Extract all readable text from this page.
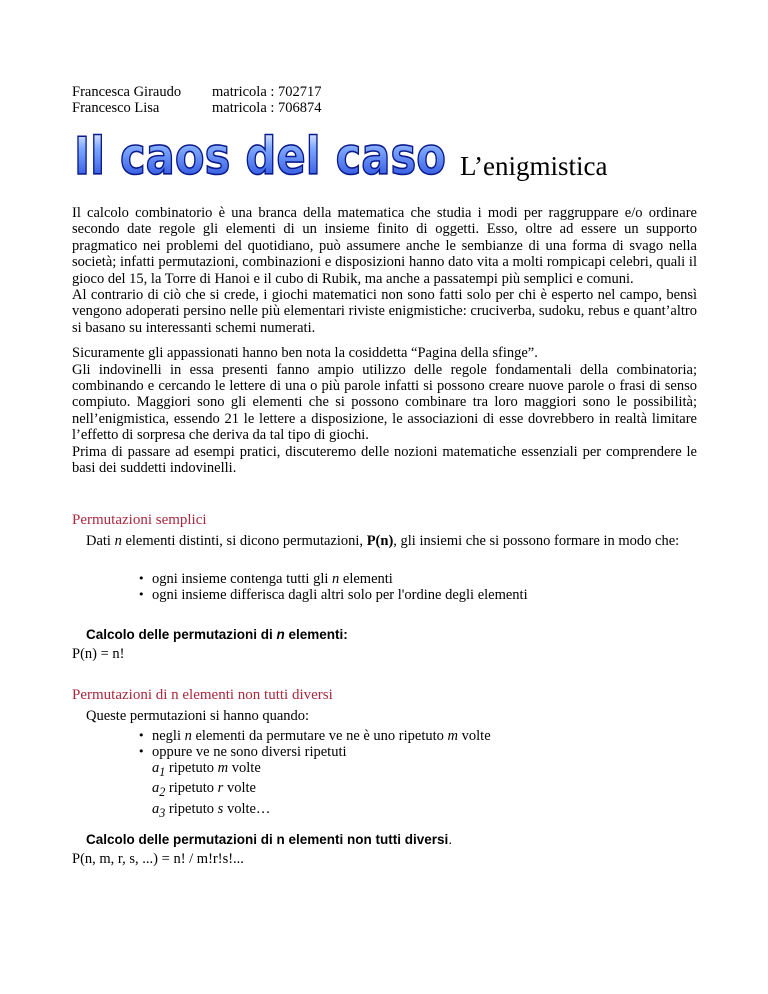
Francesca Giraudo	matricola : 702717
Francesco Lisa	matricola : 706874
Il caos del caso L’enigmistica

Il calcolo combinatorio è una branca della matematica che studia i modi per raggruppare e/o ordinare secondo date regole gli elementi di un insieme finito di oggetti. Esso, oltre ad essere un supporto pragmatico nei problemi del quotidiano, può assumere anche le sembianze di una forma di svago nella società; infatti permutazioni, combinazioni e disposizioni hanno dato vita a molti rompicapi celebri, quali il gioco del 15, la Torre di Hanoi e il cubo di Rubik, ma anche a passatempi più semplici e comuni.

Al contrario di ciò che si crede, i giochi matematici non sono fatti solo per chi è esperto nel campo, bensì vengono adoperati persino nelle più elementari riviste enigmistiche: cruciverba, sudoku, rebus e quant’altro si basano su interessanti schemi numerati.

Sicuramente gli appassionati hanno ben nota la cosiddetta “Pagina della sfinge”.

Gli indovinelli in essa presenti fanno ampio utilizzo delle regole fondamentali della combinatoria; combinando e cercando le lettere di una o più parole infatti si possono creare nuove parole o frasi di senso compiuto. Maggiori sono gli elementi che si possono combinare tra loro maggiori sono le possibilità; nell’enigmistica, essendo 21 le lettere a disposizione, le associazioni di esse dovrebbero in realtà limitare l’effetto di sorpresa che deriva da tal tipo di giochi.

Prima di passare ad esempi pratici, discuteremo delle nozioni matematiche essenziali per comprendere le basi dei suddetti indovinelli.

Permutazioni semplici
Dati n elementi distinti, si dicono permutazioni, P(n), gli insiemi che si possono formare in modo che:
• ogni insieme contenga tutti gli n elementi
• ogni insieme differisca dagli altri solo per l'ordine degli elementi
Calcolo delle permutazioni di n elementi:
P(n) = n!
Permutazioni di n elementi non tutti diversi
Queste permutazioni si hanno quando:
• negli n elementi da permutare ve ne è uno ripetuto m volte
• oppure ve ne sono diversi ripetuti
$a_1$ ripetuto m volte
$a_2$ ripetuto r volte
$a_3$ ripetuto s volte…
Calcolo delle permutazioni di n elementi non tutti diversi.
P(n, m, r, s, ...) = n! / m!r!s!...
